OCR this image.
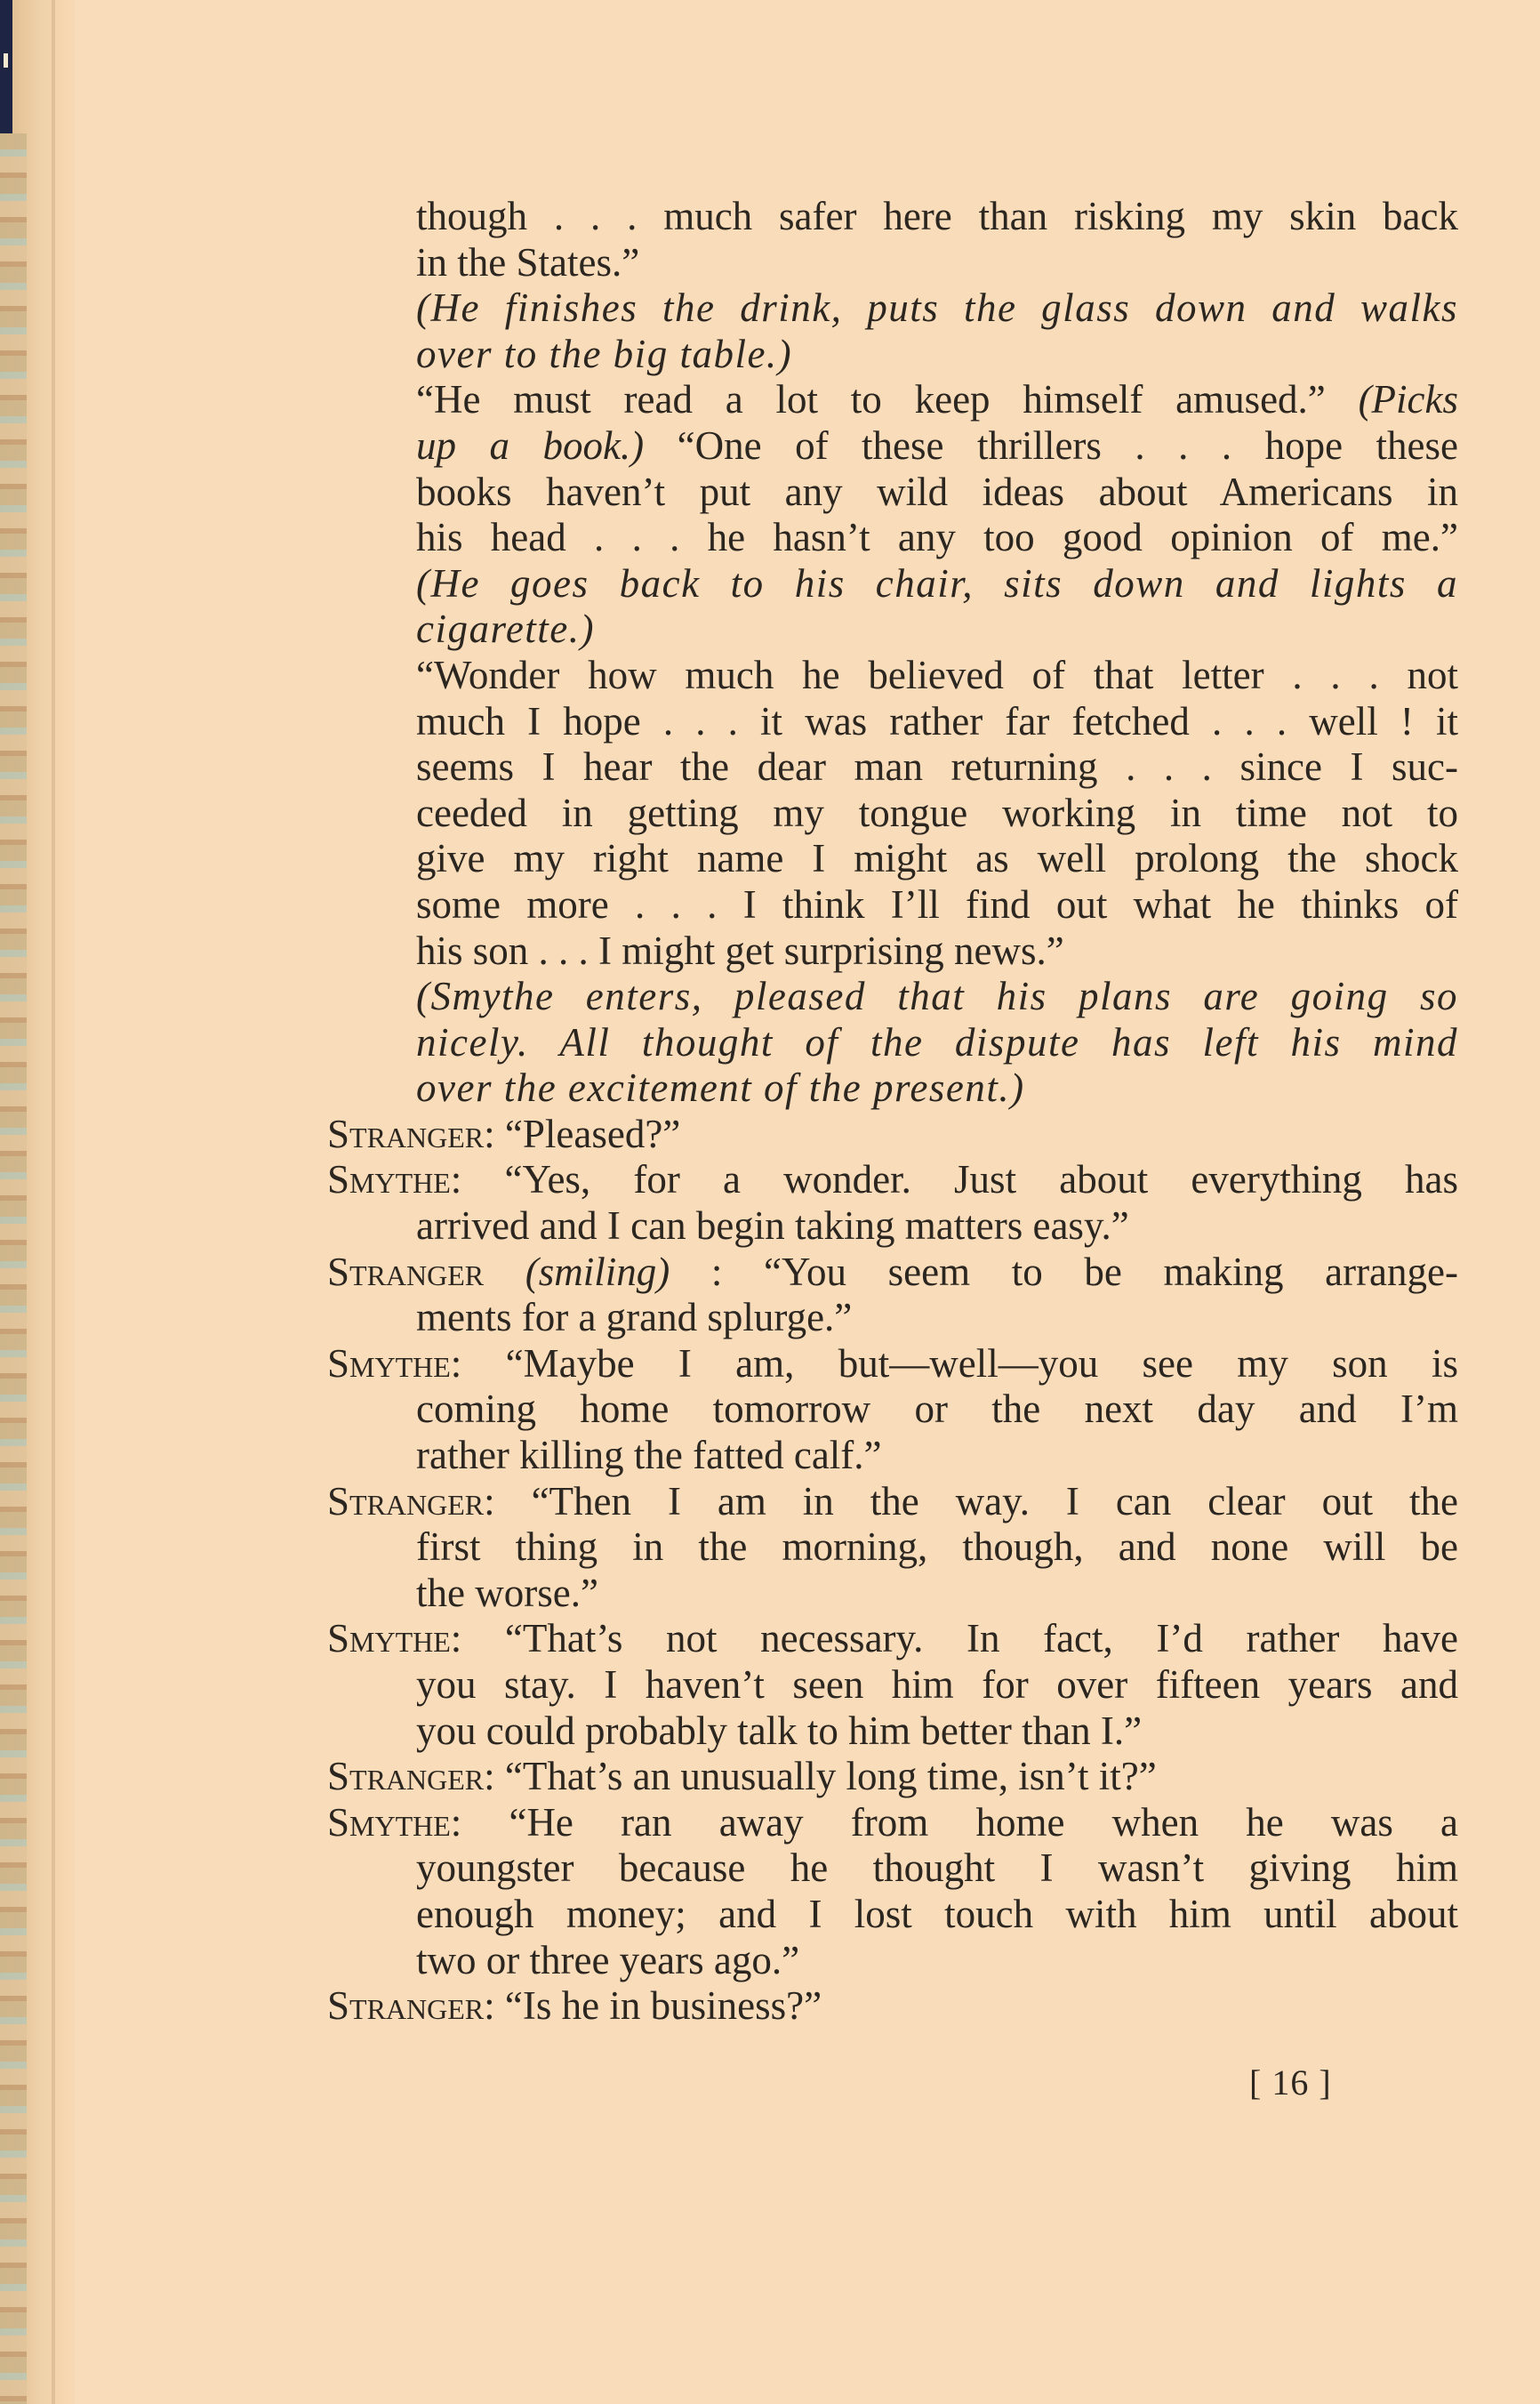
though . . . much safer here than risking my skin back
in the States.”
(He finishes the drink, puts the glass down and walks
over to the big table.)
“He must read a lot to keep himself amused.” (Picks
up a book.) “One of these thrillers . . . hope these
books haven’t put any wild ideas about Americans in
his head . . . he hasn’t any too good opinion of me.”
(He goes back to his chair, sits down and lights a
cigarette.)
“Wonder how much he believed of that letter . . . not
much I hope . . . it was rather far fetched . . . well ! it
seems I hear the dear man returning . . . since I suc-
ceeded in getting my tongue working in time not to
give my right name I might as well prolong the shock
some more . . . I think I’ll find out what he thinks of
his son . . . I might get surprising news.”
(Smythe enters, pleased that his plans are going so
nicely. All thought of the dispute has left his mind
over the excitement of the present.)
Stranger: “Pleased?”
Smythe: “Yes, for a wonder. Just about everything has
arrived and I can begin taking matters easy.”
Stranger (smiling) : “You seem to be making arrange-
ments for a grand splurge.”
Smythe: “Maybe I am, but—well—you see my son is
coming home tomorrow or the next day and I’m
rather killing the fatted calf.”
Stranger: “Then I am in the way. I can clear out the
first thing in the morning, though, and none will be
the worse.”
Smythe: “That’s not necessary. In fact, I’d rather have
you stay. I haven’t seen him for over fifteen years and
you could probably talk to him better than I.”
Stranger: “That’s an unusually long time, isn’t it?”
Smythe: “He ran away from home when he was a
youngster because he thought I wasn’t giving him
enough money; and I lost touch with him until about
two or three years ago.”
Stranger: “Is he in business?”
[ 16 ]
